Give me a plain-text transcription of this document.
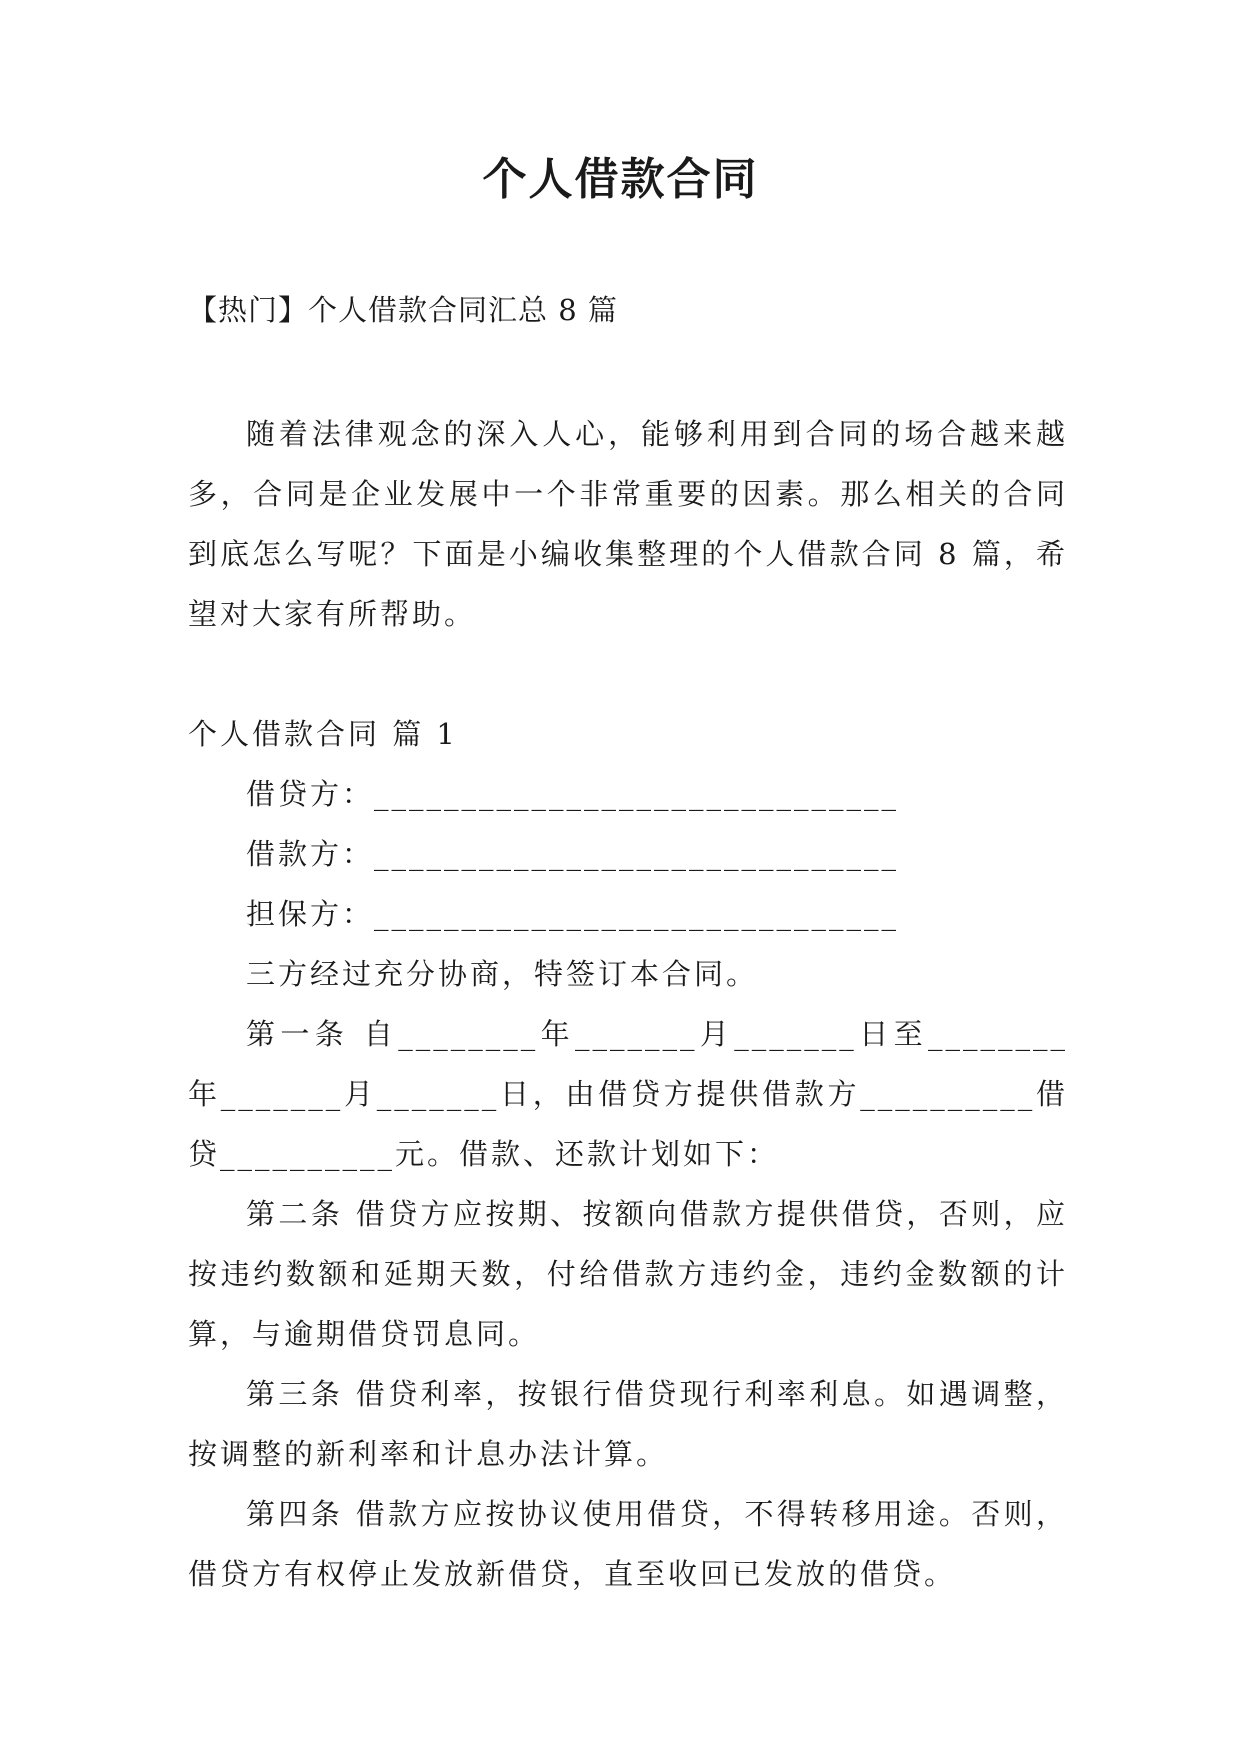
个人借款合同
【热门】个人借款合同汇总 8 篇

随着法律观念的深入人心，能够利用到合同的场合越来越多，合同是企业发展中一个非常重要的因素。那么相关的合同到底怎么写呢？下面是小编收集整理的个人借款合同 8 篇，希望对大家有所帮助。

个人借款合同 篇 1

借贷方：______________________________

借款方：______________________________

担保方：______________________________

三方经过充分协商，特签订本合同。

第一条 自________年_______月_______日至________年_______月_______日，由借贷方提供借款方__________借贷__________元。借款、还款计划如下：

第二条 借贷方应按期、按额向借款方提供借贷，否则，应按违约数额和延期天数，付给借款方违约金，违约金数额的计算，与逾期借贷罚息同。

第三条 借贷利率，按银行借贷现行利率利息。如遇调整，按调整的新利率和计息办法计算。

第四条 借款方应按协议使用借贷，不得转移用途。否则，借贷方有权停止发放新借贷，直至收回已发放的借贷。
